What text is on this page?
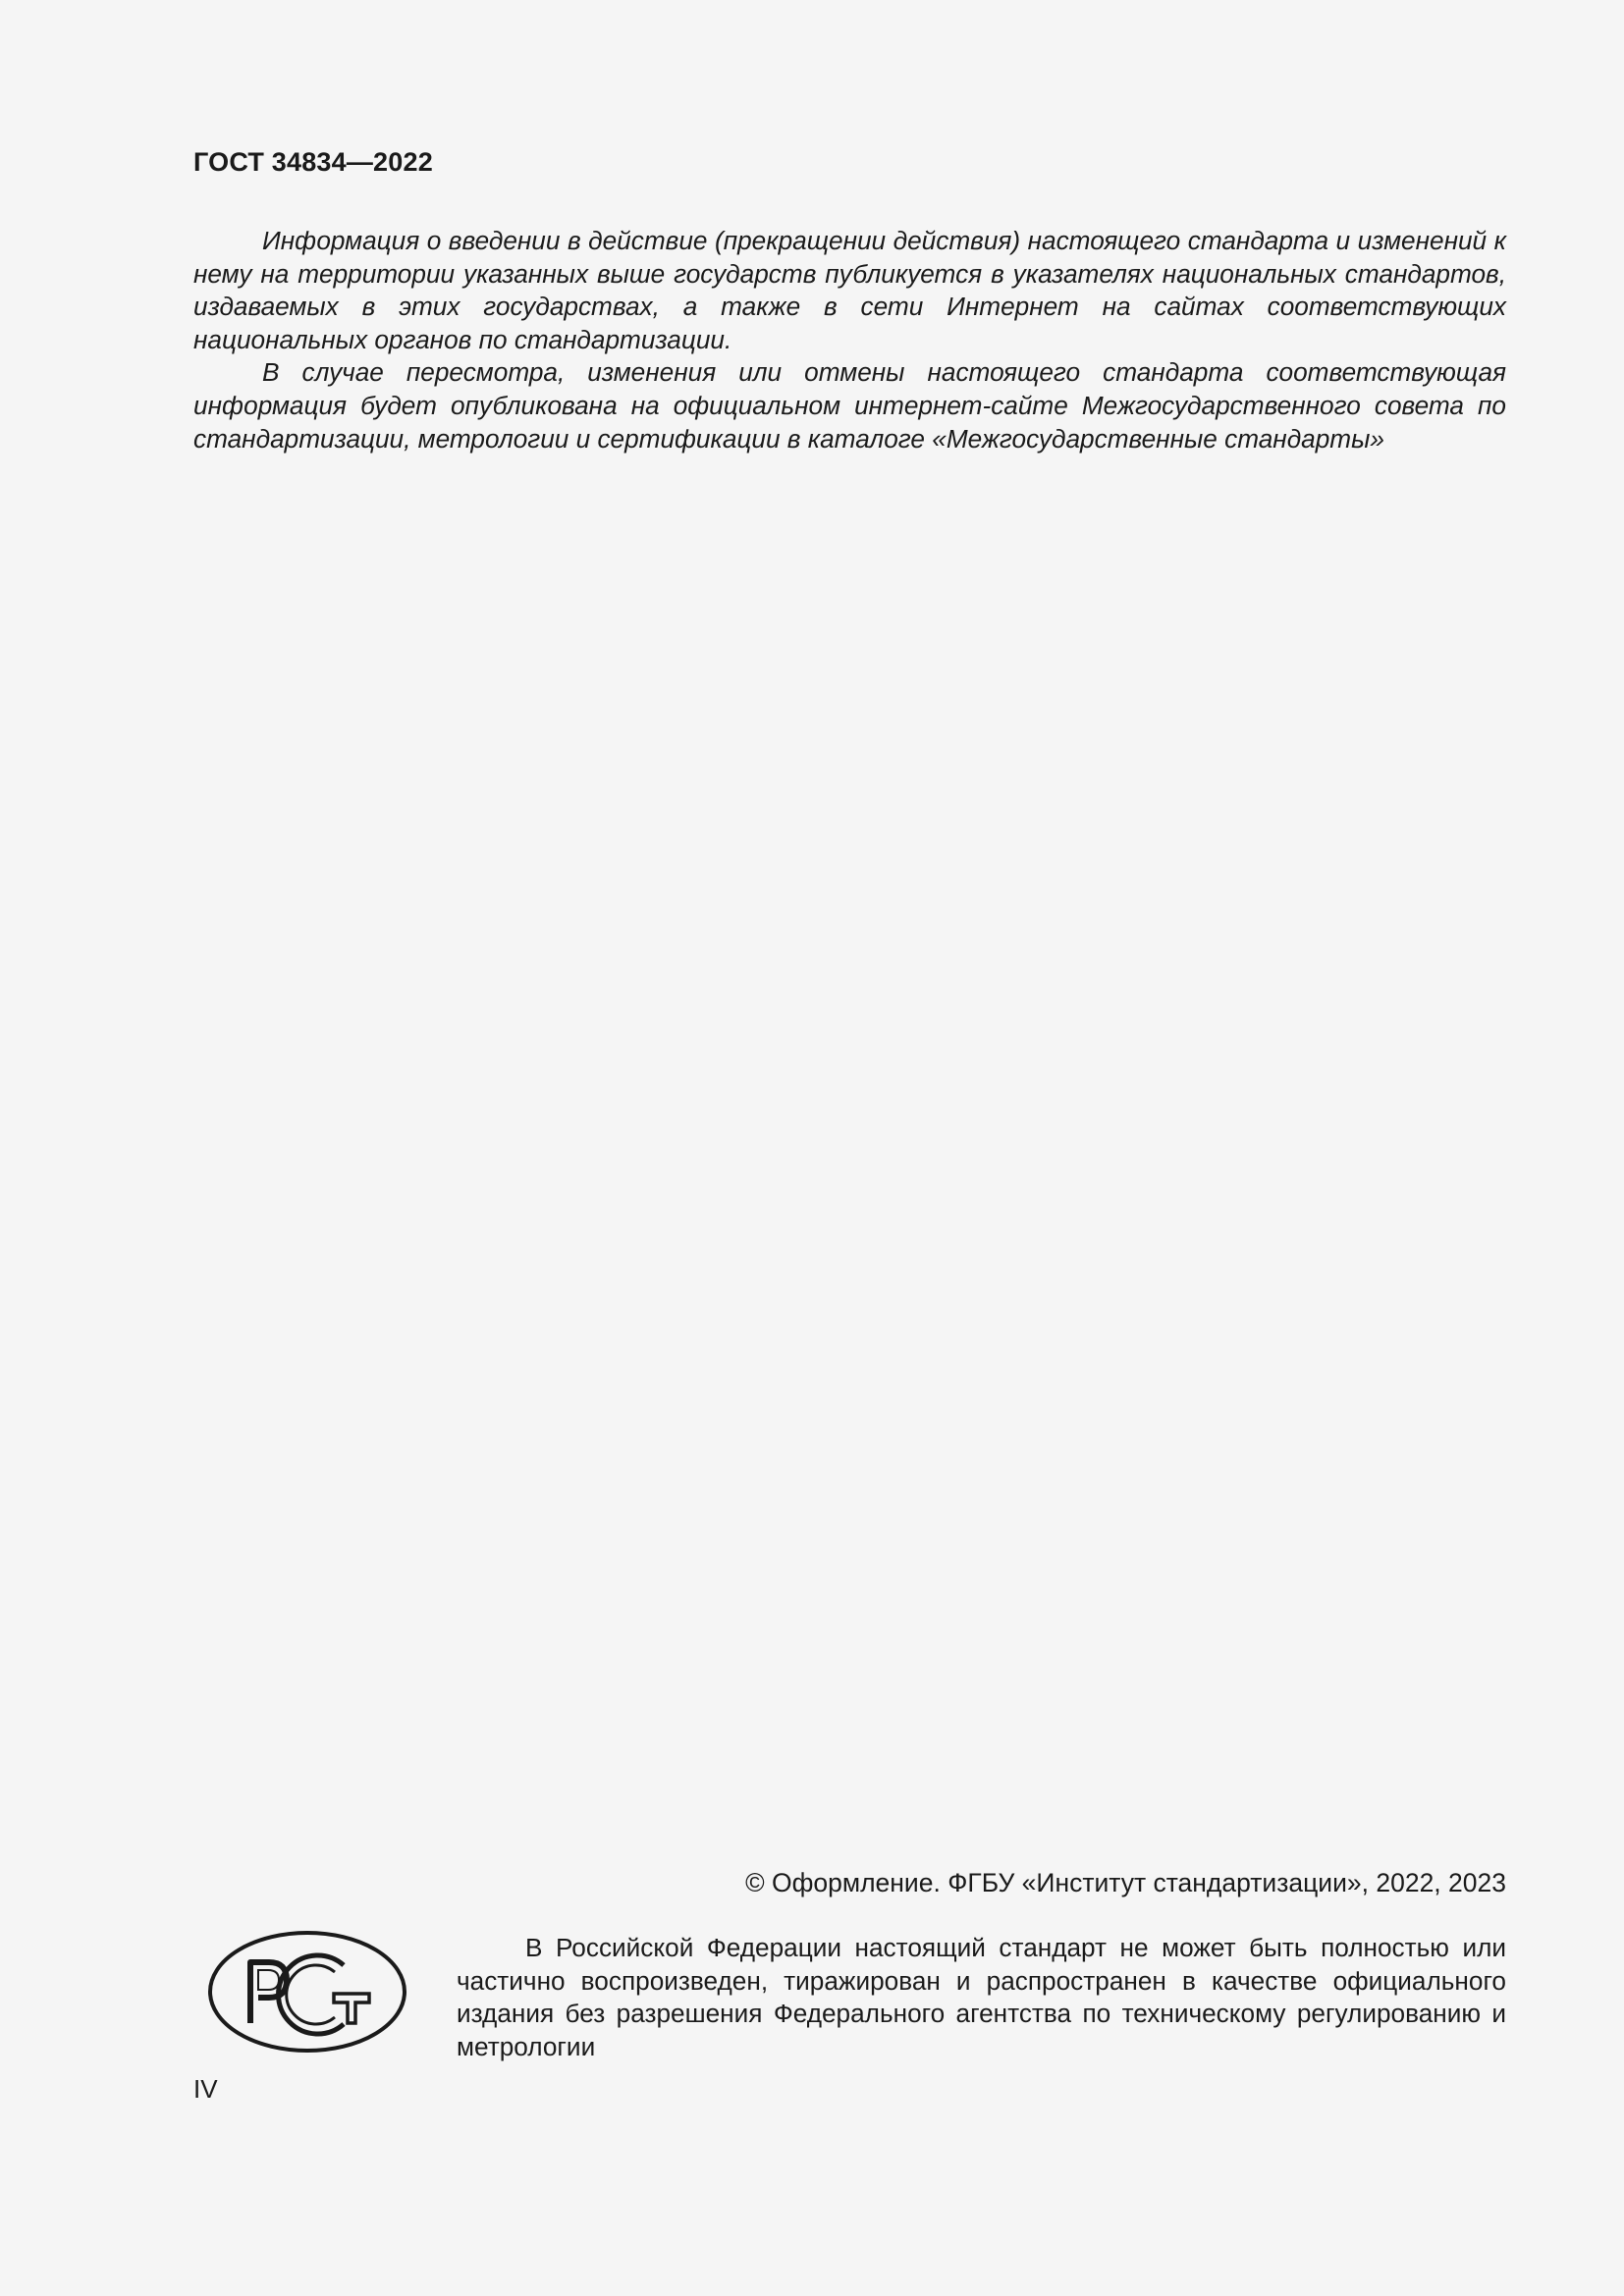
ГОСТ 34834—2022

Информация о введении в действие (прекращении действия) настоящего стандарта и изменений к нему на территории указанных выше государств публикуется в указателях национальных стандартов, издаваемых в этих государствах, а также в сети Интернет на сайтах соответствующих национальных органов по стандартизации.

В случае пересмотра, изменения или отмены настоящего стандарта соответствующая информация будет опубликована на официальном интернет-сайте Межгосударственного совета по стандартизации, метрологии и сертификации в каталоге «Межгосударственные стандарты»

© Оформление. ФГБУ «Институт стандартизации», 2022, 2023

В Российской Федерации настоящий стандарт не может быть полностью или частично воспроизведен, тиражирован и распространен в качестве официального издания без разрешения Федерального агентства по техническому регулированию и метрологии

IV
